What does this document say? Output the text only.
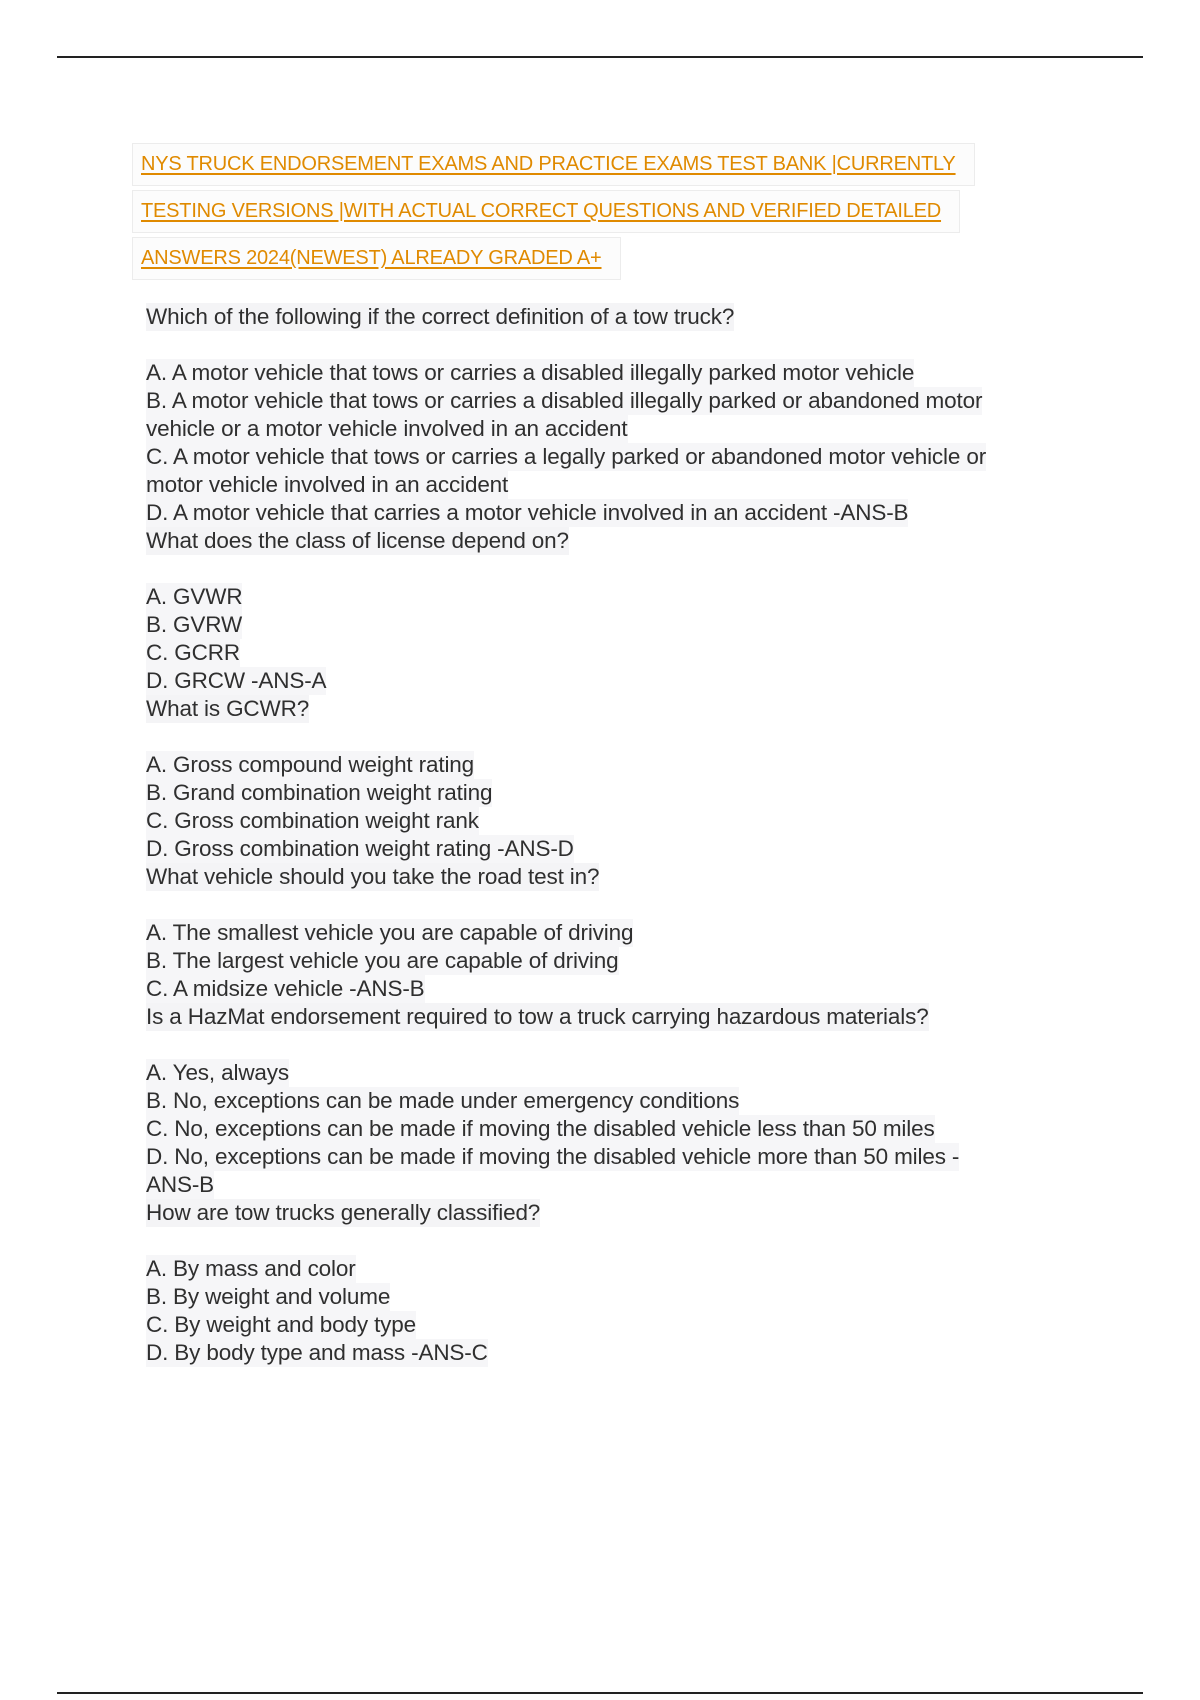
NYS TRUCK ENDORSEMENT EXAMS AND PRACTICE EXAMS TEST BANK |CURRENTLY
TESTING VERSIONS |WITH ACTUAL CORRECT QUESTIONS AND VERIFIED DETAILED
ANSWERS 2024(NEWEST) ALREADY GRADED A+
Which of the following if the correct definition of a tow truck?
A. A motor vehicle that tows or carries a disabled illegally parked motor vehicle
B. A motor vehicle that tows or carries a disabled illegally parked or abandoned motor
vehicle or a motor vehicle involved in an accident
C. A motor vehicle that tows or carries a legally parked or abandoned motor vehicle or
motor vehicle involved in an accident
D. A motor vehicle that carries a motor vehicle involved in an accident -ANS-B
What does the class of license depend on?
A. GVWR
B. GVRW
C. GCRR
D. GRCW -ANS-A
What is GCWR?
A. Gross compound weight rating
B. Grand combination weight rating
C. Gross combination weight rank
D. Gross combination weight rating -ANS-D
What vehicle should you take the road test in?
A. The smallest vehicle you are capable of driving
B. The largest vehicle you are capable of driving
C. A midsize vehicle -ANS-B
Is a HazMat endorsement required to tow a truck carrying hazardous materials?
A. Yes, always
B. No, exceptions can be made under emergency conditions
C. No, exceptions can be made if moving the disabled vehicle less than 50 miles
D. No, exceptions can be made if moving the disabled vehicle more than 50 miles -
ANS-B
How are tow trucks generally classified?
A. By mass and color
B. By weight and volume
C. By weight and body type
D. By body type and mass -ANS-C
